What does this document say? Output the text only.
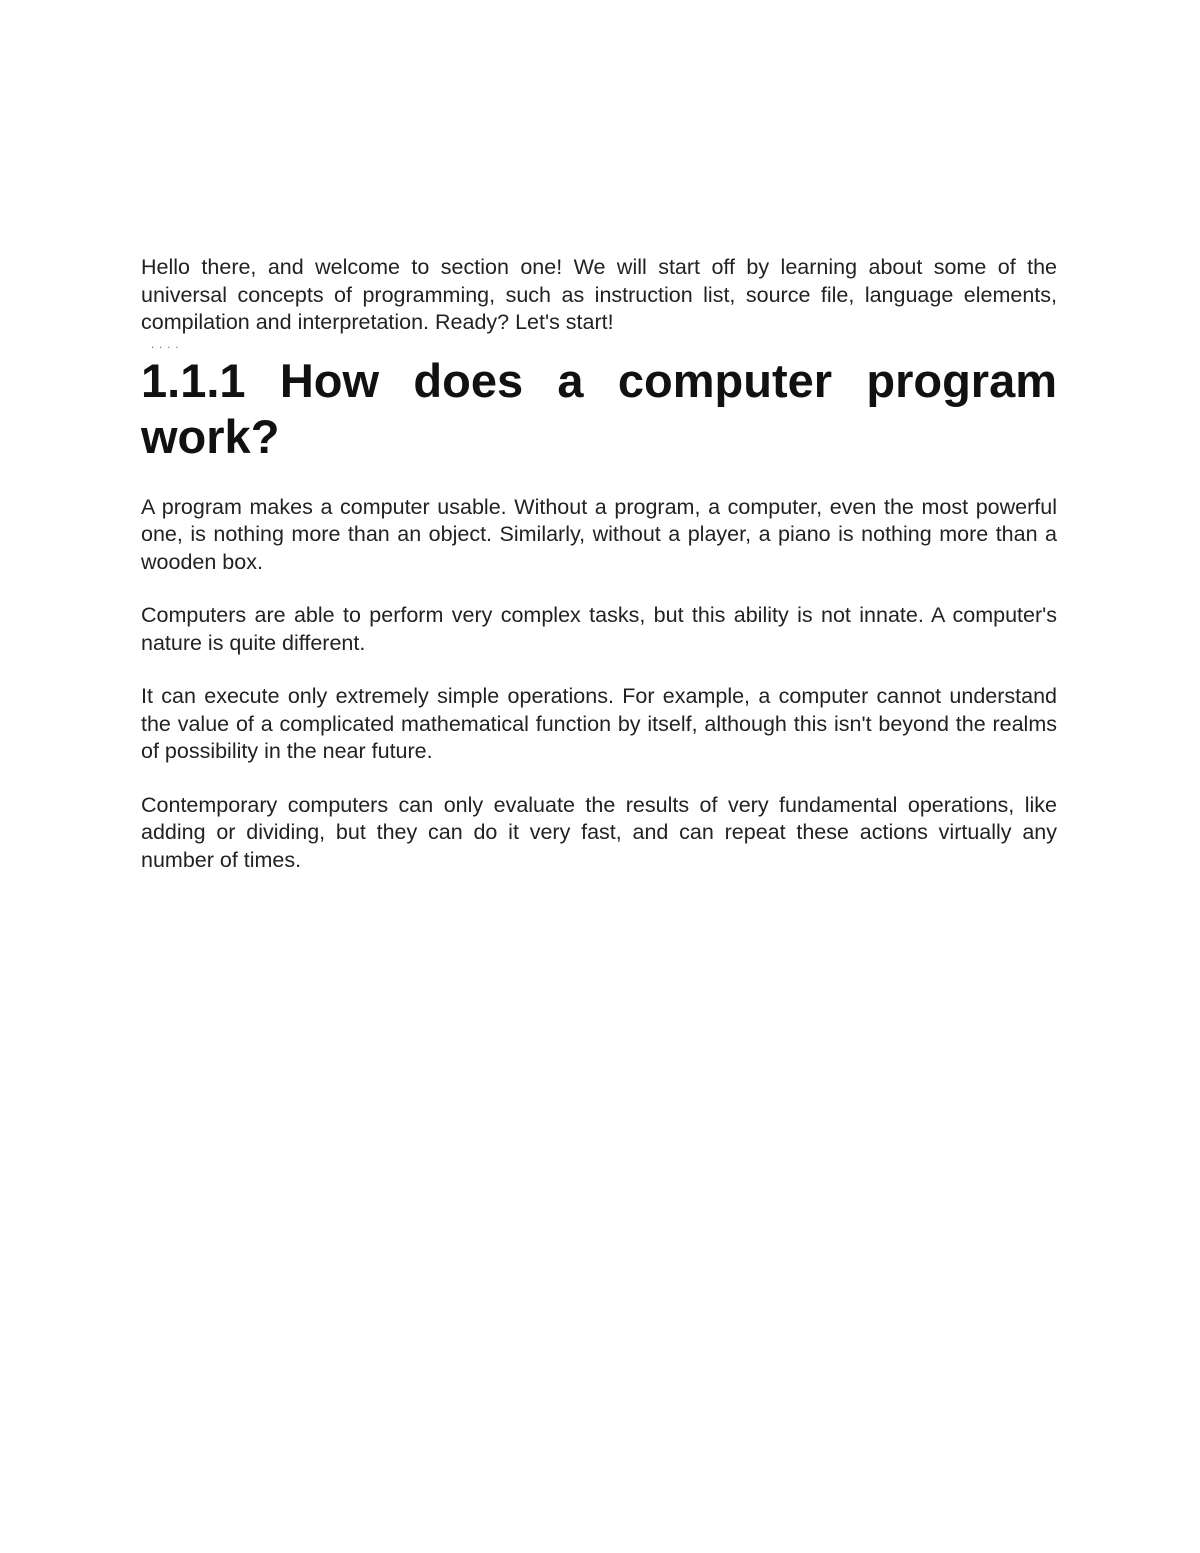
Hello there, and welcome to section one! We will start off by learning about some of the universal concepts of programming, such as instruction list, source file, language elements, compilation and interpretation. Ready? Let's start!

. . . .
1.1.1 How does a computer program work?

A program makes a computer usable. Without a program, a computer, even the most powerful one, is nothing more than an object. Similarly, without a player, a piano is nothing more than a wooden box.

Computers are able to perform very complex tasks, but this ability is not innate. A computer's nature is quite different.

It can execute only extremely simple operations. For example, a computer cannot understand the value of a complicated mathematical function by itself, although this isn't beyond the realms of possibility in the near future.

Contemporary computers can only evaluate the results of very fundamental operations, like adding or dividing, but they can do it very fast, and can repeat these actions virtually any number of times.
